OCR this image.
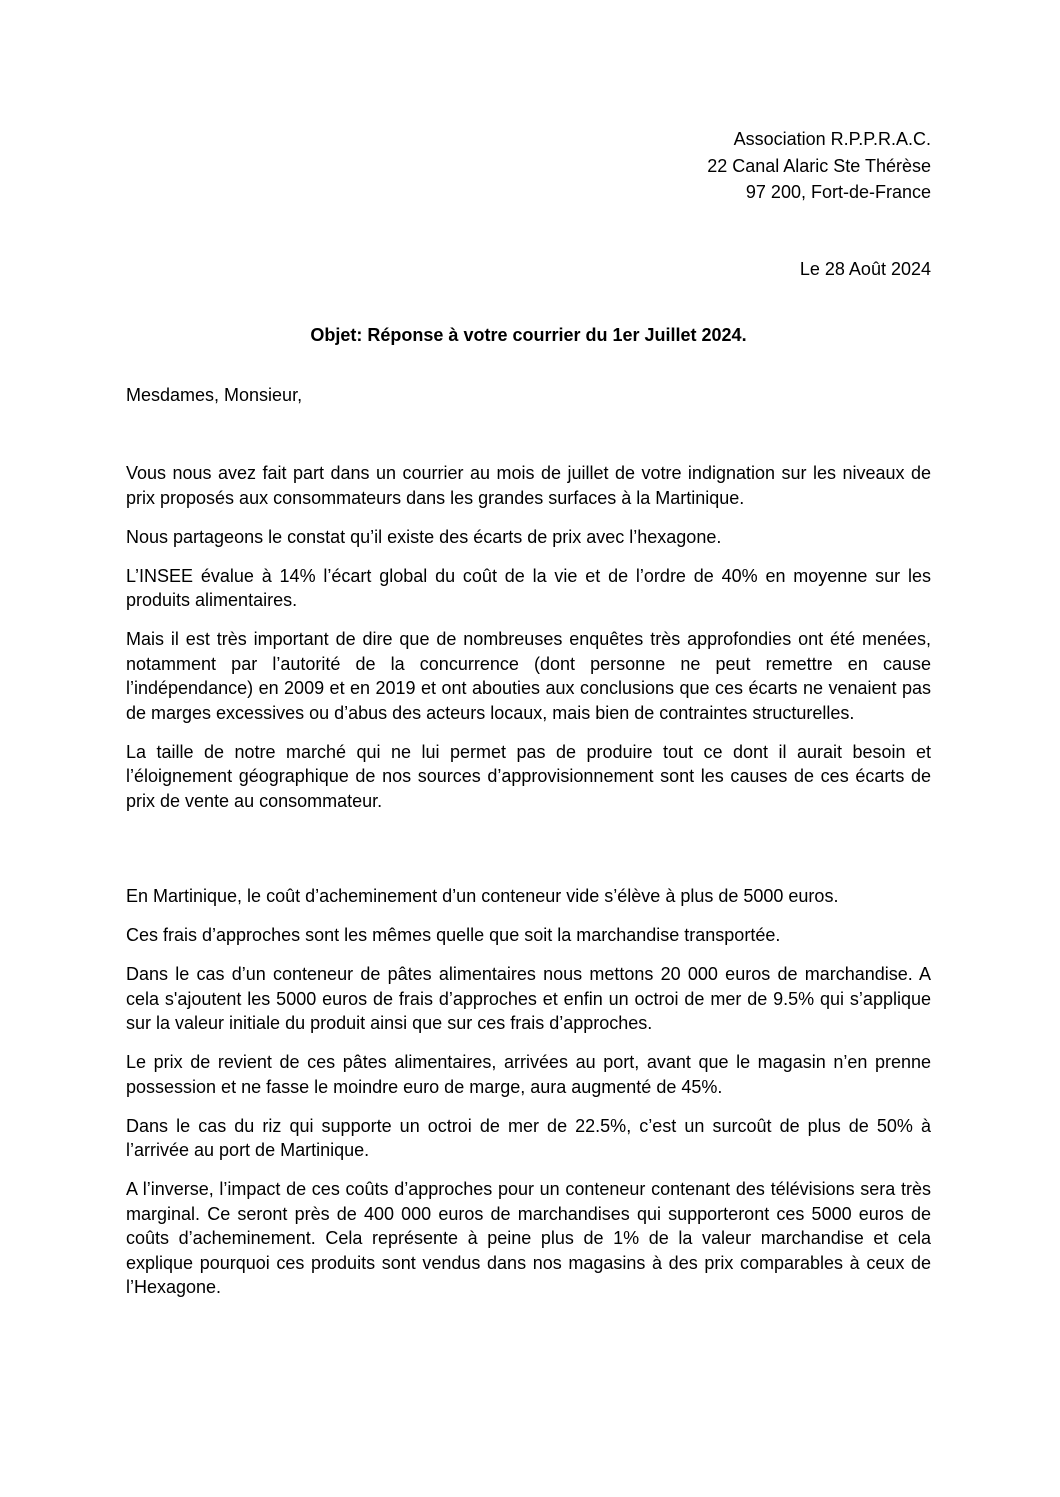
Association R.P.P.R.A.C.
22 Canal Alaric Ste Thérèse
97 200, Fort-de-France
Le 28 Août 2024
Objet: Réponse à votre courrier du 1er Juillet 2024.
Mesdames, Monsieur,

Vous nous avez fait part dans un courrier au mois de juillet de votre indignation sur les niveaux de prix proposés aux consommateurs dans les grandes surfaces à la Martinique.

Nous partageons le constat qu’il existe des écarts de prix avec l’hexagone.

L’INSEE évalue à 14% l’écart global du coût de la vie et de l’ordre de 40% en moyenne sur les produits alimentaires.

Mais il est très important de dire que de nombreuses enquêtes très approfondies ont été menées, notamment par l’autorité de la concurrence (dont personne ne peut remettre en cause l’indépendance) en 2009 et en 2019 et ont abouties aux conclusions que ces écarts ne venaient pas de marges excessives ou d’abus des acteurs locaux, mais bien de contraintes structurelles.

La taille de notre marché qui ne lui permet pas de produire tout ce dont il aurait besoin et l’éloignement géographique de nos sources d’approvisionnement sont les causes de ces écarts de prix de vente au consommateur.

En Martinique, le coût d’acheminement d’un conteneur vide s’élève à plus de 5000 euros.

Ces frais d’approches sont les mêmes quelle que soit la marchandise transportée.

Dans le cas d’un conteneur de pâtes alimentaires nous mettons 20 000 euros de marchandise. A cela s'ajoutent les 5000 euros de frais d’approches et enfin un octroi de mer de 9.5% qui s’applique sur la valeur initiale du produit ainsi que sur ces frais d’approches.

Le prix de revient de ces pâtes alimentaires, arrivées au port, avant que le magasin n’en prenne possession et ne fasse le moindre euro de marge, aura augmenté de 45%.

Dans le cas du riz qui supporte un octroi de mer de 22.5%, c’est un surcoût de plus de 50% à l’arrivée au port de Martinique.

A l’inverse, l’impact de ces coûts d’approches pour un conteneur contenant des télévisions sera très marginal. Ce seront près de 400 000 euros de marchandises qui supporteront ces 5000 euros de coûts d’acheminement. Cela représente à peine plus de 1% de la valeur marchandise et cela explique pourquoi ces produits sont vendus dans nos magasins à des prix comparables à ceux de l’Hexagone.
